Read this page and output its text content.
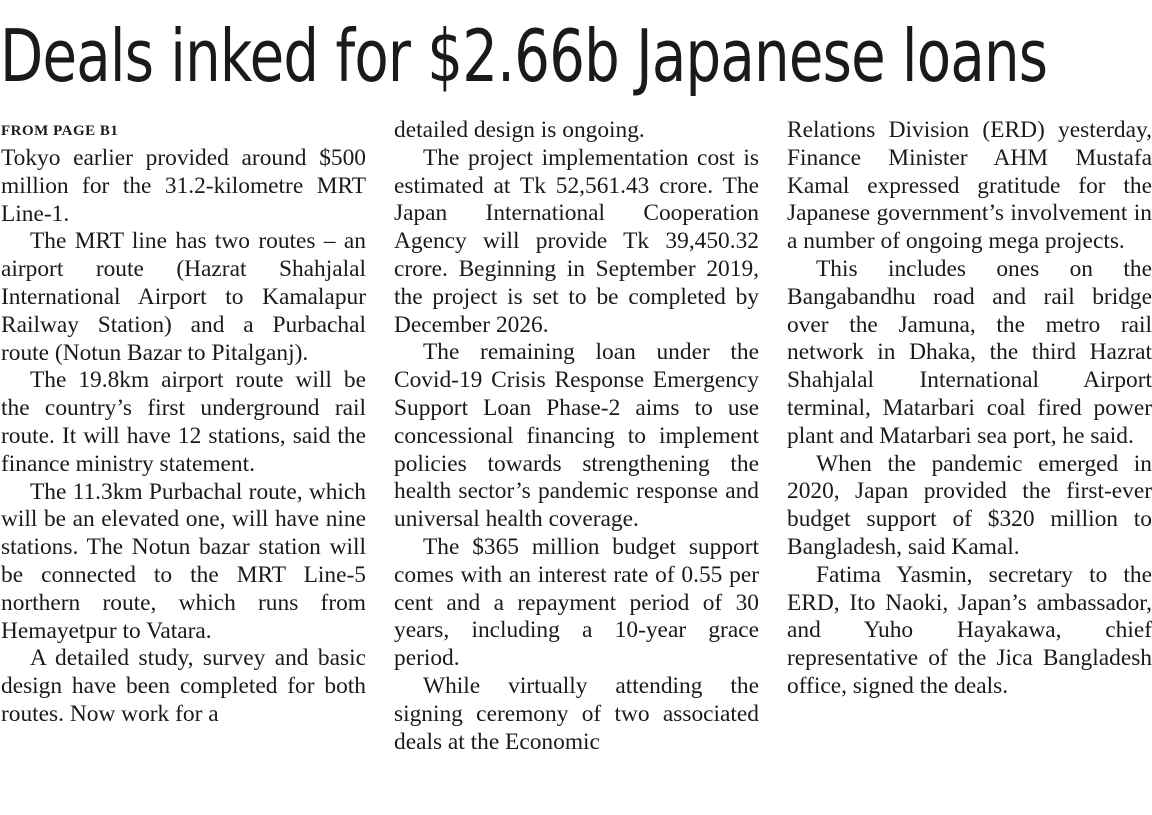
Deals inked for $2.66b Japanese loans
FROM PAGE B1

Tokyo earlier provided around $500 million for the 31.2-kilometre MRT Line-1.

The MRT line has two routes – an airport route (Hazrat Shahjalal International Airport to Kamalapur Railway Station) and a Purbachal route (Notun Bazar to Pitalganj).

The 19.8km airport route will be the country’s first underground rail route. It will have 12 stations, said the finance ministry statement.

The 11.3km Purbachal route, which will be an elevated one, will have nine stations. The Notun bazar station will be connected to the MRT Line-5 northern route, which runs from Hemayetpur to Vatara.

A detailed study, survey and basic design have been completed for both routes. Now work for a

detailed design is ongoing.

The project implementation cost is estimated at Tk 52,561.43 crore. The Japan International Cooperation Agency will provide Tk 39,450.32 crore. Beginning in September 2019, the project is set to be completed by December 2026.

The remaining loan under the Covid-19 Crisis Response Emergency Support Loan Phase-2 aims to use concessional financing to implement policies towards strengthening the health sector’s pandemic response and universal health coverage.

The $365 million budget support comes with an interest rate of 0.55 per cent and a repayment period of 30 years, including a 10-year grace period.

While virtually attending the signing ceremony of two associated deals at the Economic

Relations Division (ERD) yesterday, Finance Minister AHM Mustafa Kamal expressed gratitude for the Japanese government’s involvement in a number of ongoing mega projects.

This includes ones on the Bangabandhu road and rail bridge over the Jamuna, the metro rail network in Dhaka, the third Hazrat Shahjalal International Airport terminal, Matarbari coal fired power plant and Matarbari sea port, he said.

When the pandemic emerged in 2020, Japan provided the first-ever budget support of $320 million to Bangladesh, said Kamal.

Fatima Yasmin, secretary to the ERD, Ito Naoki, Japan’s ambassador, and Yuho Hayakawa, chief representative of the Jica Bangladesh office, signed the deals.
